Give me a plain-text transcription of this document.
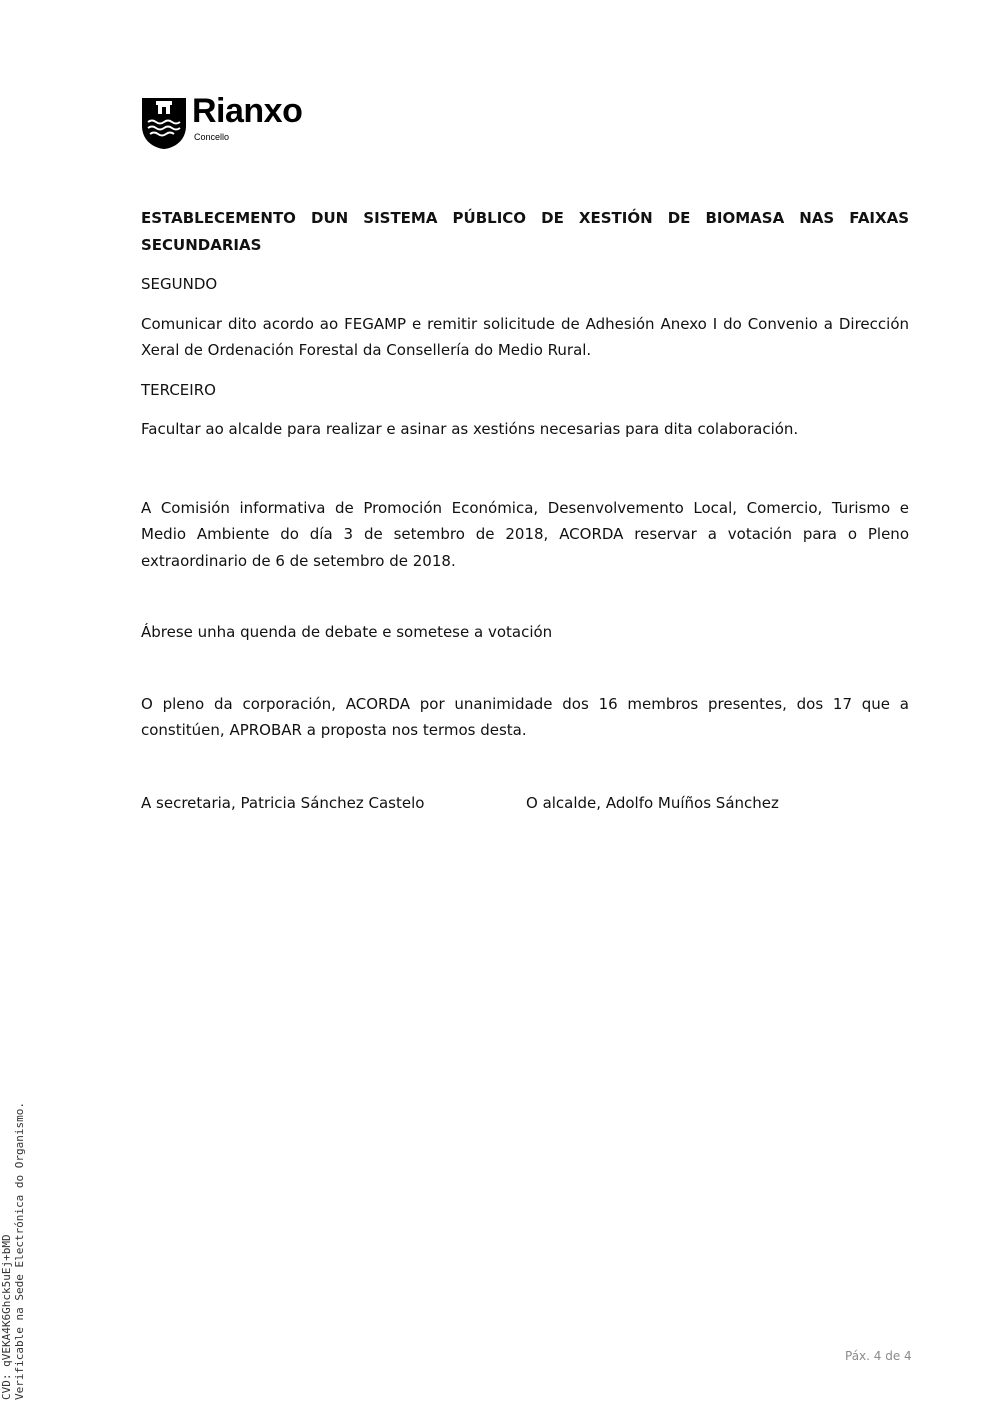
Rianxo
Concello

ESTABLECEMENTO DUN SISTEMA PÚBLICO DE XESTIÓN DE BIOMASA NAS FAIXAS SECUNDARIAS

SEGUNDO

Comunicar dito acordo ao FEGAMP e remitir solicitude de Adhesión Anexo I do Convenio a Dirección Xeral de Ordenación Forestal da Consellería do Medio Rural.

TERCEIRO

Facultar ao alcalde para realizar e asinar as xestións necesarias para dita colaboración.

A Comisión informativa de Promoción Económica, Desenvolvemento Local, Comercio, Turismo e Medio Ambiente do día 3 de setembro de 2018, ACORDA reservar a votación para o Pleno extraordinario de 6 de setembro de 2018.

Ábrese unha quenda de debate e sometese a votación

O pleno da corporación, ACORDA por unanimidade dos 16 membros presentes, dos 17 que a constitúen, APROBAR a proposta nos termos desta.

A secretaria, Patricia Sánchez Castelo	O alcalde, Adolfo Muíños Sánchez
Páx. 4 de 4
CVD: qVEKA4K6Ghck5uEj+bMD Verificable na Sede Electrónica do Organismo.
